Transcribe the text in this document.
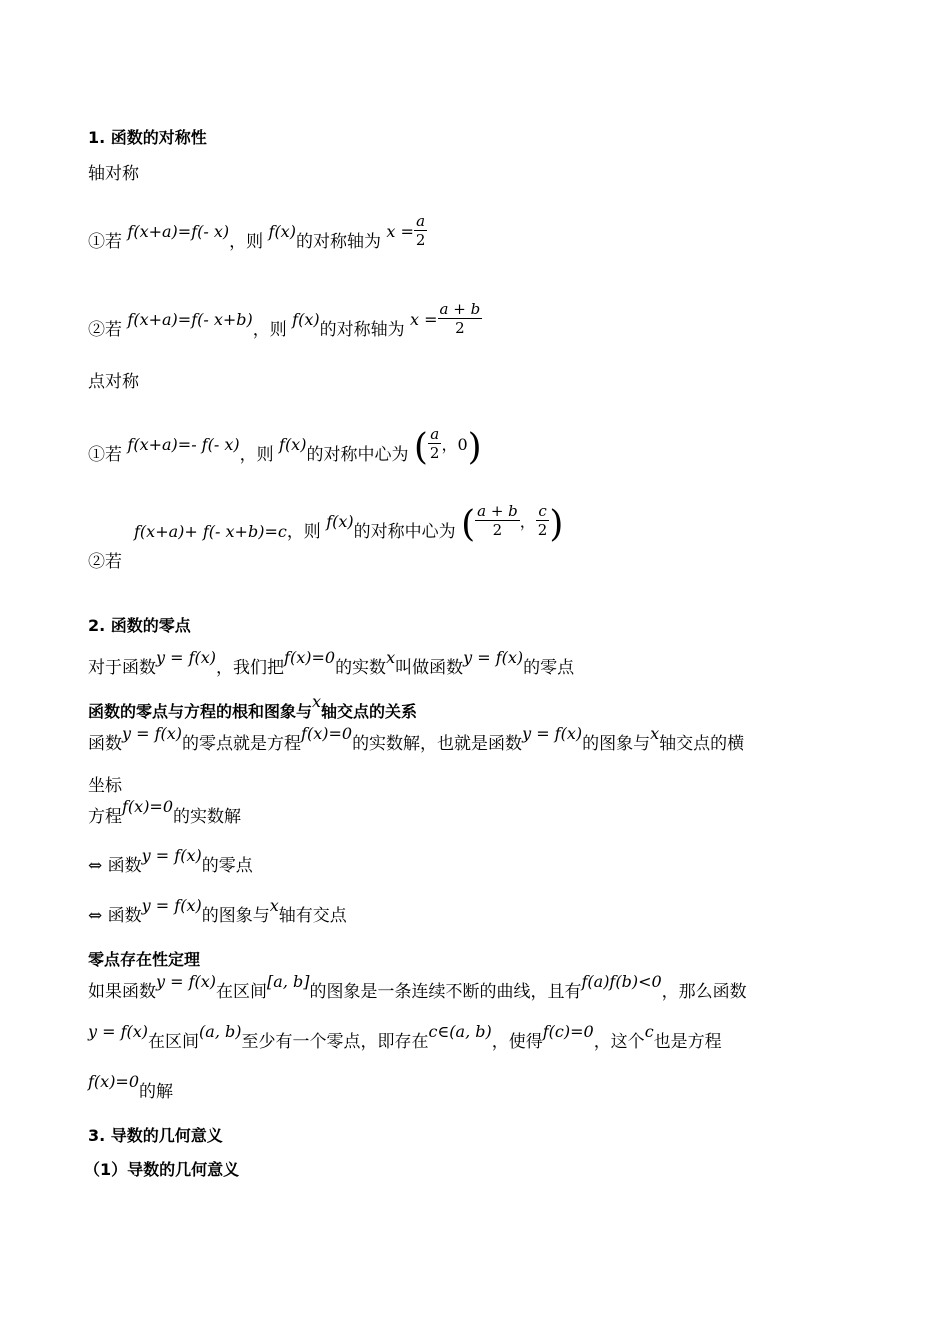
1. 函数的对称性
轴对称
①若 f(x+a)=f(- x)，则 f(x)的对称轴为 $x = \frac{a}{2}$
②若 f(x+a)=f(- x+b)，则 f(x)的对称轴为 $x = \frac{a + b}{2}$
点对称
①若 f(x+a)=- f(- x)，则 f(x)的对称中心为 ( $\frac{a}{2}$ ，0)
f(x+a)+ f(- x+b)=c，则 f(x)的对称中心为 ( $\frac{a + b}{2}$ ， $\frac{c}{2}$ )
②若
2. 函数的零点
对于函数y = f(x)，我们把f(x)=0的实数x叫做函数y = f(x)的零点
函数的零点与方程的根和图象与x轴交点的关系
函数y = f(x)的零点就是方程f(x)=0的实数解，也就是函数y = f(x)的图象与x轴交点的横
坐标
方程f(x)=0的实数解
⇔ 函数y = f(x)的零点
⇔ 函数y = f(x)的图象与x轴有交点
零点存在性定理
如果函数y = f(x)在区间[a, b]的图象是一条连续不断的曲线，且有f(a)f(b)<0，那么函数
y = f(x)在区间(a, b)至少有一个零点，即存在c∈(a, b)，使得f(c)=0，这个c也是方程
f(x)=0的解
3. 导数的几何意义
（1）导数的几何意义
